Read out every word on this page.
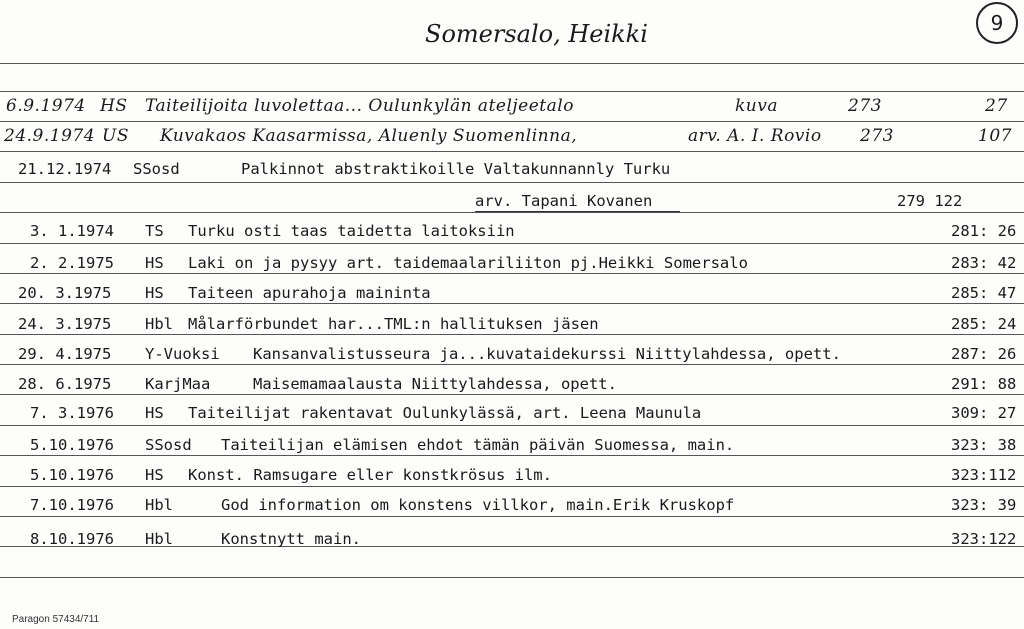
Somersalo, Heikki	9
6.9.1974 HS Taiteilijoita luvolettaa... Oulunkylän ateljeetalo	kuva	273	27
24.9.1974 US Kuvakaos Kaasarmissa, Aluenly Suomenlinna,	arv. A. I. Rovio 273	107
21.12.1974 SSosd	Palkinnot abstraktikoille Valtakunnannly Turku
arv. Tapani Kovanen	279 122
3. 1.1974 TS Turku osti taas taidetta laitoksiin	281: 26
2. 2.1975 HS Laki on ja pysyy art. taidemaalariliiton pj.Heikki Somersalo	283: 42
20. 3.1975 HS Taiteen apurahoja maininta	285: 47
24. 3.1975 Hbl Målarförbundet har...TML:n hallituksen jäsen	285: 24
29. 4.1975 Y-Vuoksi Kansanvalistusseura ja...kuvataidekurssi Niittylahdessa, opett.	287: 26
28. 6.1975 KarjMaa	Maisemamaalausta Niittylahdessa, opett.	291: 88
7. 3.1976 HS Taiteilijat rakentavat Oulunkylässä, art. Leena Maunula	309: 27
5.10.1976 SSosd Taiteilijan elämisen ehdot tämän päivän Suomessa, main.	323: 38
5.10.1976 HS Konst. Ramsugare eller konstkrösus ilm.	323:112
7.10.1976 Hbl	God information om konstens villkor, main.Erik Kruskopf	323: 39
8.10.1976 Hbl	Konstnytt main.	323:122
Paragon 57434/711
